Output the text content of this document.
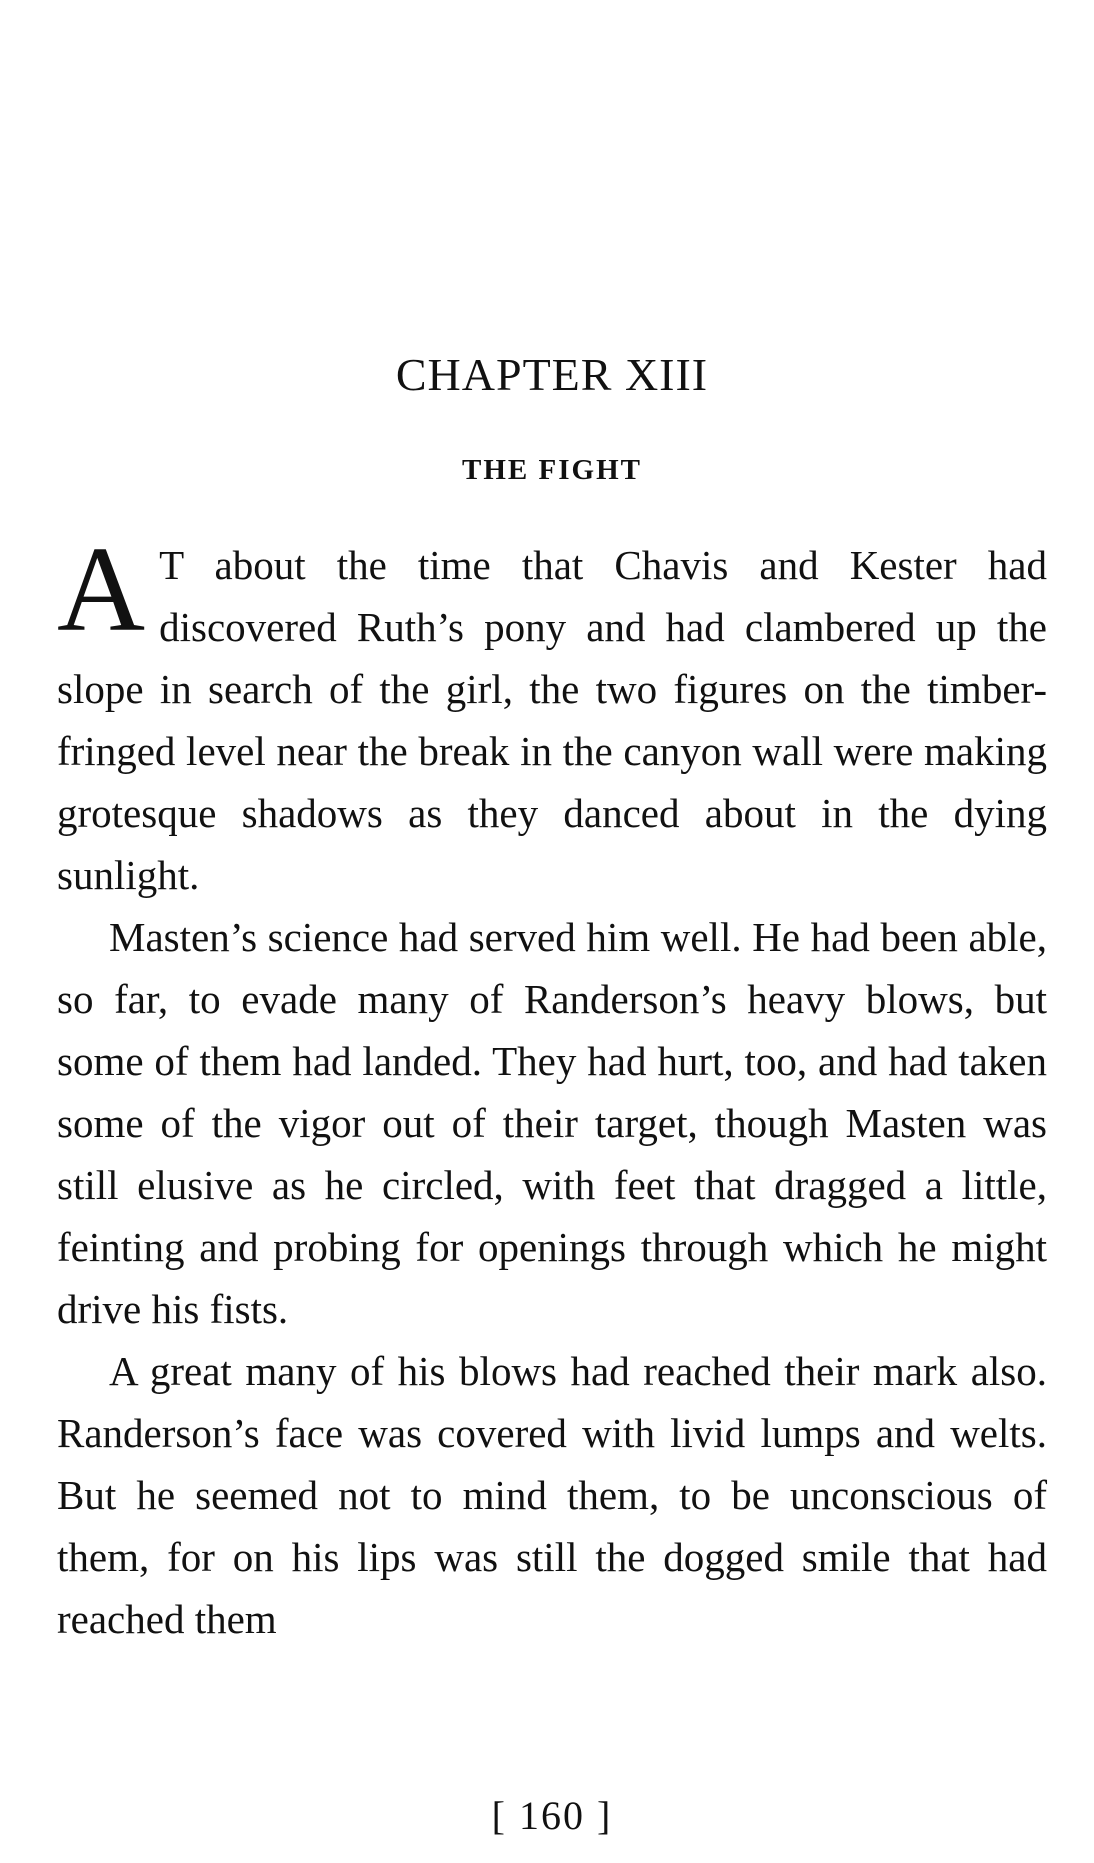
CHAPTER XIII
THE FIGHT

A T about the time that Chavis and Kester had discovered Ruth’s pony and had clambered up the slope in search of the girl, the two figures on the timber-fringed level near the break in the canyon wall were making grotesque shadows as they danced about in the dying sunlight.

Masten’s science had served him well. He had been able, so far, to evade many of Randerson’s heavy blows, but some of them had landed. They had hurt, too, and had taken some of the vigor out of their target, though Masten was still elusive as he circled, with feet that dragged a little, feinting and probing for openings through which he might drive his fists.

A great many of his blows had reached their mark also. Randerson’s face was covered with livid lumps and welts. But he seemed not to mind them, to be unconscious of them, for on his lips was still the dogged smile that had reached them

[ 160 ]
